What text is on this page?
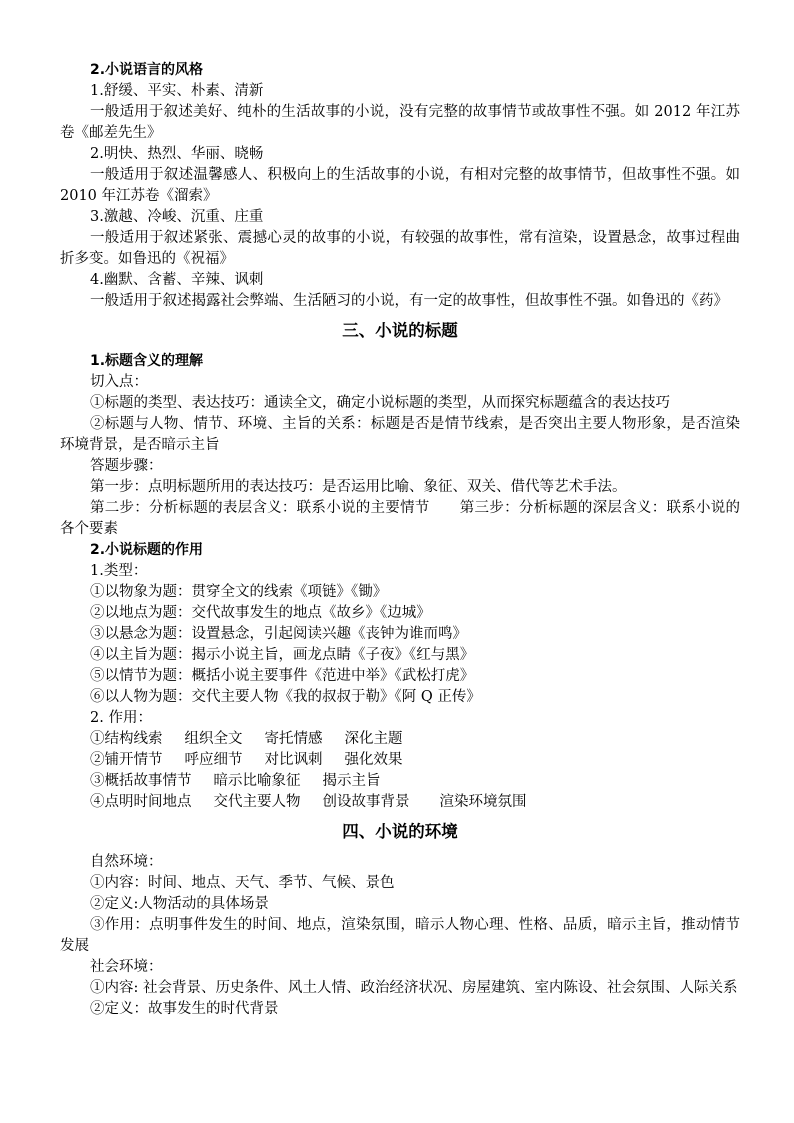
2.小说语言的风格

1.舒缓、平实、朴素、清新

一般适用于叙述美好、纯朴的生活故事的小说，没有完整的故事情节或故事性不强。如 2012 年江苏卷《邮差先生》

2.明快、热烈、华丽、晓畅

一般适用于叙述温馨感人、积极向上的生活故事的小说，有相对完整的故事情节，但故事性不强。如 2010 年江苏卷《溜索》

3.激越、冷峻、沉重、庄重

一般适用于叙述紧张、震撼心灵的故事的小说，有较强的故事性，常有渲染，设置悬念，故事过程曲折多变。如鲁迅的《祝福》

4.幽默、含蓄、辛辣、讽刺

一般适用于叙述揭露社会弊端、生活陋习的小说，有一定的故事性，但故事性不强。如鲁迅的《药》

三、小说的标题

1.标题含义的理解

切入点：

①标题的类型、表达技巧：通读全文，确定小说标题的类型，从而探究标题蕴含的表达技巧

②标题与人物、情节、环境、主旨的关系：标题是否是情节线索，是否突出主要人物形象，是否渲染环境背景，是否暗示主旨

答题步骤：

第一步：点明标题所用的表达技巧：是否运用比喻、象征、双关、借代等艺术手法。

第二步：分析标题的表层含义：联系小说的主要情节 第三步：分析标题的深层含义：联系小说的各个要素

2.小说标题的作用

1.类型：

①以物象为题：贯穿全文的线索《项链》《锄》

②以地点为题：交代故事发生的地点《故乡》《边城》

③以悬念为题：设置悬念，引起阅读兴趣《丧钟为谁而鸣》

④以主旨为题：揭示小说主旨，画龙点睛《子夜》《红与黑》

⑤以情节为题：概括小说主要事件《范进中举》《武松打虎》

⑥以人物为题：交代主要人物《我的叔叔于勒》《阿 Q 正传》

2. 作用：

①结构线索 组织全文 寄托情感 深化主题

②铺开情节 呼应细节 对比讽刺 强化效果

③概括故事情节 暗示比喻象征 揭示主旨

④点明时间地点 交代主要人物 创设故事背景 渲染环境氛围

四、小说的环境

自然环境：

①内容：时间、地点、天气、季节、气候、景色

②定义:人物活动的具体场景

③作用：点明事件发生的时间、地点，渲染氛围，暗示人物心理、性格、品质，暗示主旨，推动情节发展

社会环境：

①内容: 社会背景、历史条件、风土人情、政治经济状况、房屋建筑、室内陈设、社会氛围、人际关系

②定义：故事发生的时代背景
